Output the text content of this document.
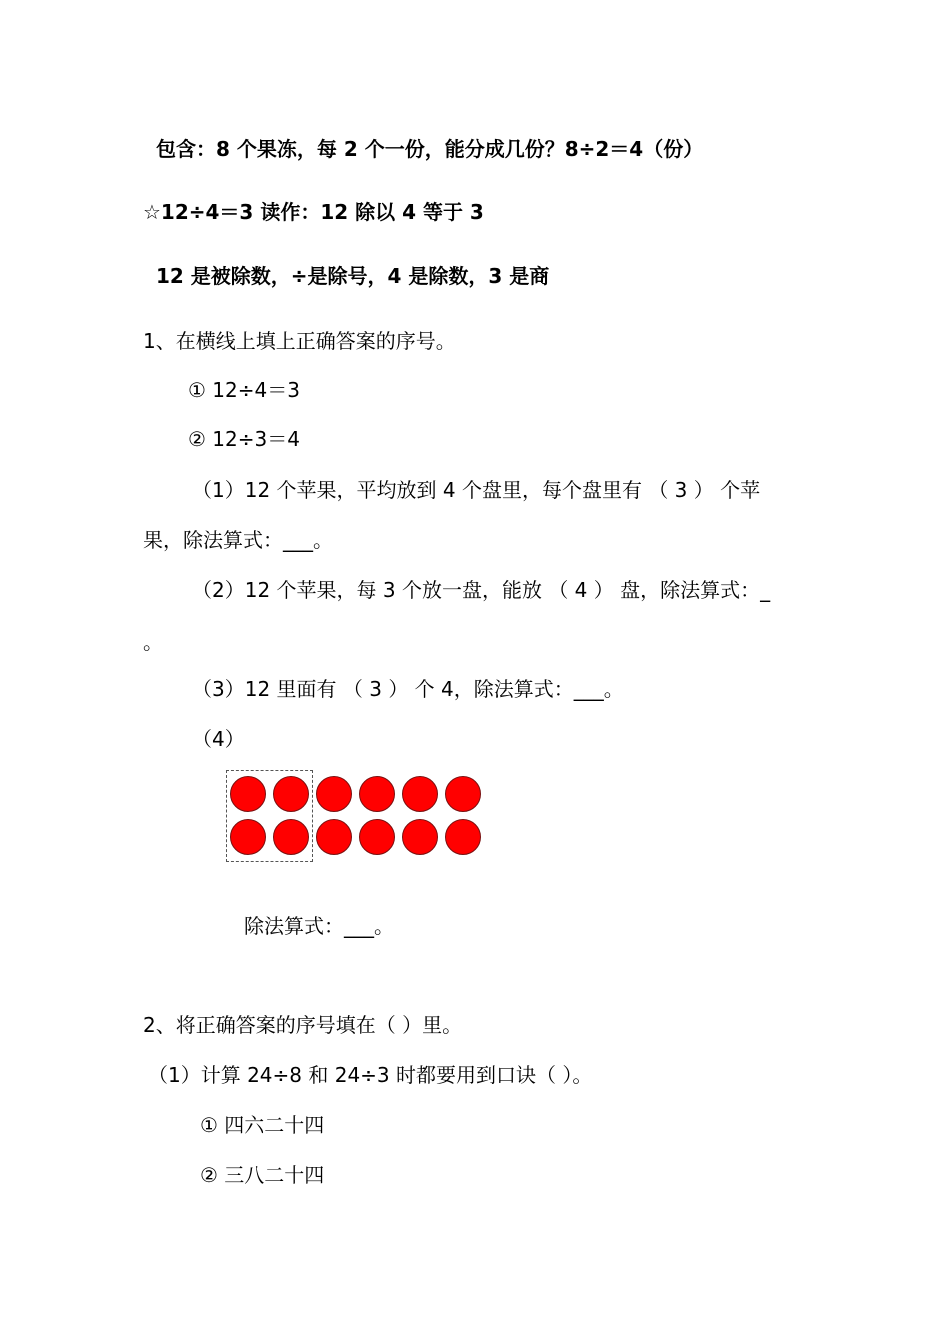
包含：8 个果冻，每 2 个一份，能分成几份？8÷2＝4（份）
☆12÷4＝3 读作：12 除以 4 等于 3
12 是被除数，÷是除号，4 是除数，3 是商
1、在横线上填上正确答案的序号。
① 12÷4＝3
② 12÷3＝4
（1）12 个苹果，平均放到 4 个盘里，每个盘里有 （ 3 ） 个苹
果，除法算式：___。
（2）12 个苹果，每 3 个放一盘，能放 （ 4 ） 盘，除法算式：_
。
（3）12 里面有 （ 3 ） 个 4，除法算式：___。
（4）
除法算式：___。
2、将正确答案的序号填在（ ）里。
（1）计算 24÷8 和 24÷3 时都要用到口诀（ ）。
① 四六二十四
② 三八二十四
